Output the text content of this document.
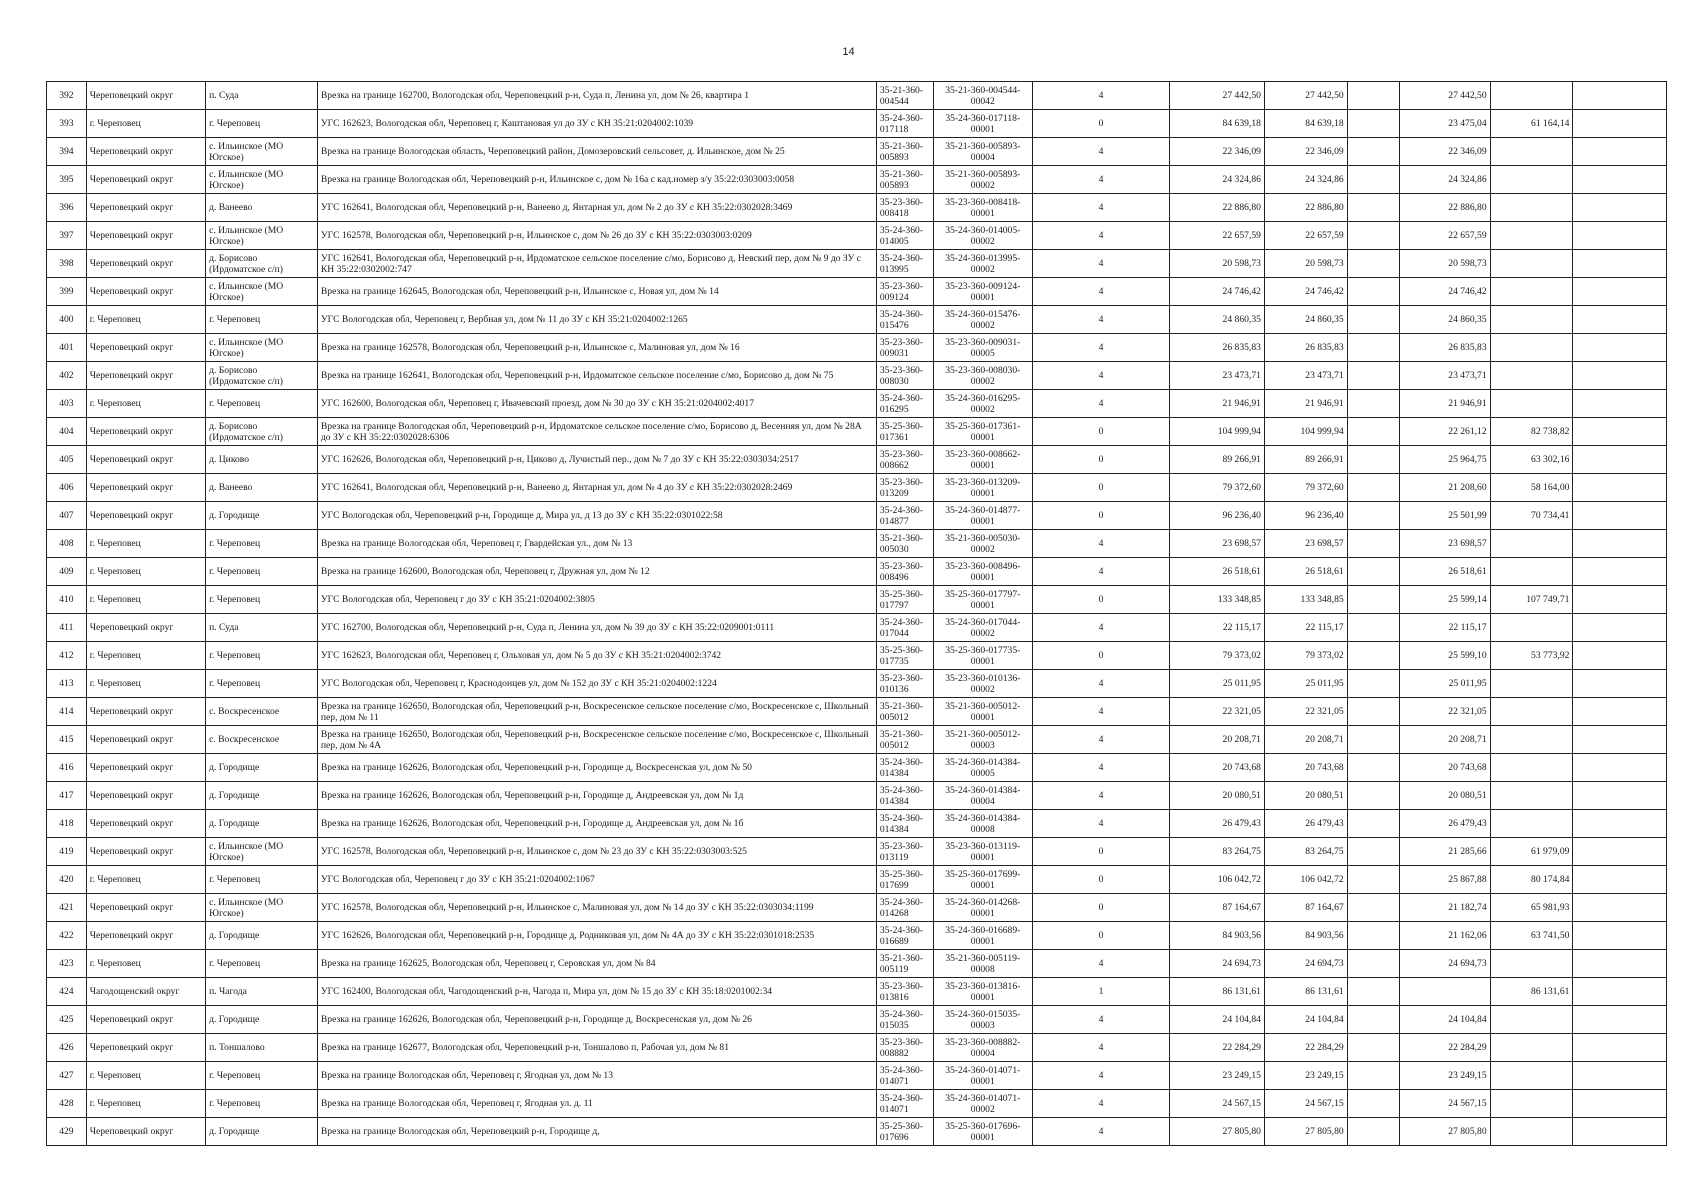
14
392	Череповецкий округ	п. Суда	Врезка на границе 162700, Вологодская обл, Череповецкий р-н, Суда п, Ленина ул, дом № 26, квартира 1	35-21-360-004544	35-21-360-004544-00042	4	27 442,50	27 442,50		27 442,50		
393	г. Череповец	г. Череповец	УГС 162623, Вологодская обл, Череповец г, Каштановая ул до ЗУ с КН 35:21:0204002:1039	35-24-360-017118	35-24-360-017118-00001	0	84 639,18	84 639,18		23 475,04	61 164,14	
394	Череповецкий округ	с. Ильинское (МО Югское)	Врезка на границе Вологодская область, Череповецкий район, Домозеровский сельсовет, д. Ильинское, дом № 25	35-21-360-005893	35-21-360-005893-00004	4	22 346,09	22 346,09		22 346,09		
395	Череповецкий округ	с. Ильинское (МО Югское)	Врезка на границе Вологодская обл, Череповецкий р-н, Ильинское с, дом № 16а с кад.номер з/у 35:22:0303003:0058	35-21-360-005893	35-21-360-005893-00002	4	24 324,86	24 324,86		24 324,86		
396	Череповецкий округ	д. Ванеево	УГС 162641, Вологодская обл, Череповецкий р-н, Ванеево д, Янтарная ул, дом № 2 до ЗУ с КН 35:22:0302028:3469	35-23-360-008418	35-23-360-008418-00001	4	22 886,80	22 886,80		22 886,80		
397	Череповецкий округ	с. Ильинское (МО Югское)	УГС 162578, Вологодская обл, Череповецкий р-н, Ильинское с, дом № 26 до ЗУ с КН 35:22:0303003:0209	35-24-360-014005	35-24-360-014005-00002	4	22 657,59	22 657,59		22 657,59		
398	Череповецкий округ	д. Борисово (Ирдоматское с/п)	УГС 162641, Вологодская обл, Череповецкий р-н, Ирдоматское сельское поселение с/мо, Борисово д, Невский пер, дом № 9 до ЗУ с КН 35:22:0302002:747	35-24-360-013995	35-24-360-013995-00002	4	20 598,73	20 598,73		20 598,73		
399	Череповецкий округ	с. Ильинское (МО Югское)	Врезка на границе 162645, Вологодская обл, Череповецкий р-н, Ильинское с, Новая ул, дом № 14	35-23-360-009124	35-23-360-009124-00001	4	24 746,42	24 746,42		24 746,42		
400	г. Череповец	г. Череповец	УГС Вологодская обл, Череповец г, Вербная ул, дом № 11 до ЗУ с КН 35:21:0204002:1265	35-24-360-015476	35-24-360-015476-00002	4	24 860,35	24 860,35		24 860,35		
401	Череповецкий округ	с. Ильинское (МО Югское)	Врезка на границе 162578, Вологодская обл, Череповецкий р-н, Ильинское с, Малиновая ул, дом № 16	35-23-360-009031	35-23-360-009031-00005	4	26 835,83	26 835,83		26 835,83		
402	Череповецкий округ	д. Борисово (Ирдоматское с/п)	Врезка на границе 162641, Вологодская обл, Череповецкий р-н, Ирдоматское сельское поселение с/мо, Борисово д, дом № 75	35-23-360-008030	35-23-360-008030-00002	4	23 473,71	23 473,71		23 473,71		
403	г. Череповец	г. Череповец	УГС 162600, Вологодская обл, Череповец г, Ивачевский проезд, дом № 30 до ЗУ с КН 35:21:0204002:4017	35-24-360-016295	35-24-360-016295-00002	4	21 946,91	21 946,91		21 946,91		
404	Череповецкий округ	д. Борисово (Ирдоматское с/п)	Врезка на границе Вологодская обл, Череповецкий р-н, Ирдоматское сельское поселение с/мо, Борисово д, Весенняя ул, дом № 28А до ЗУ с КН 35:22:0302028:6306	35-25-360-017361	35-25-360-017361-00001	0	104 999,94	104 999,94		22 261,12	82 738,82	
405	Череповецкий округ	д. Циково	УГС 162626, Вологодская обл, Череповецкий р-н, Циково д, Лучистый пер., дом № 7 до ЗУ с КН 35:22:0303034:2517	35-23-360-008662	35-23-360-008662-00001	0	89 266,91	89 266,91		25 964,75	63 302,16	
406	Череповецкий округ	д. Ванеево	УГС 162641, Вологодская обл, Череповецкий р-н, Ванеево д, Янтарная ул, дом № 4 до ЗУ с КН 35:22:0302028:2469	35-23-360-013209	35-23-360-013209-00001	0	79 372,60	79 372,60		21 208,60	58 164,00	
407	Череповецкий округ	д. Городище	УГС Вологодская обл, Череповецкий р-н, Городище д, Мира ул, д 13 до ЗУ с КН 35:22:0301022:58	35-24-360-014877	35-24-360-014877-00001	0	96 236,40	96 236,40		25 501,99	70 734,41	
408	г. Череповец	г. Череповец	Врезка на границе Вологодская обл, Череповец г, Гвардейская ул., дом № 13	35-21-360-005030	35-21-360-005030-00002	4	23 698,57	23 698,57		23 698,57		
409	г. Череповец	г. Череповец	Врезка на границе 162600, Вологодская обл, Череповец г, Дружная ул, дом № 12	35-23-360-008496	35-23-360-008496-00001	4	26 518,61	26 518,61		26 518,61		
410	г. Череповец	г. Череповец	УГС Вологодская обл, Череповец г до ЗУ с КН 35:21:0204002:3805	35-25-360-017797	35-25-360-017797-00001	0	133 348,85	133 348,85		25 599,14	107 749,71	
411	Череповецкий округ	п. Суда	УГС 162700, Вологодская обл, Череповецкий р-н, Суда п, Ленина ул, дом № 39 до ЗУ с КН 35:22:0209001:0111	35-24-360-017044	35-24-360-017044-00002	4	22 115,17	22 115,17		22 115,17		
412	г. Череповец	г. Череповец	УГС 162623, Вологодская обл, Череповец г, Ольховая ул, дом № 5 до ЗУ с КН 35:21:0204002:3742	35-25-360-017735	35-25-360-017735-00001	0	79 373,02	79 373,02		25 599,10	53 773,92	
413	г. Череповец	г. Череповец	УГС Вологодская обл, Череповец г, Краснодонцев ул, дом № 152 до ЗУ с КН 35:21:0204002:1224	35-23-360-010136	35-23-360-010136-00002	4	25 011,95	25 011,95		25 011,95		
414	Череповецкий округ	с. Воскресенское	Врезка на границе 162650, Вологодская обл, Череповецкий р-н, Воскресенское сельское поселение с/мо, Воскресенское с, Школьный пер, дом № 11	35-21-360-005012	35-21-360-005012-00001	4	22 321,05	22 321,05		22 321,05		
415	Череповецкий округ	с. Воскресенское	Врезка на границе 162650, Вологодская обл, Череповецкий р-н, Воскресенское сельское поселение с/мо, Воскресенское с, Школьный пер, дом № 4А	35-21-360-005012	35-21-360-005012-00003	4	20 208,71	20 208,71		20 208,71		
416	Череповецкий округ	д. Городище	Врезка на границе 162626, Вологодская обл, Череповецкий р-н, Городище д, Воскресенская ул, дом № 50	35-24-360-014384	35-24-360-014384-00005	4	20 743,68	20 743,68		20 743,68		
417	Череповецкий округ	д. Городище	Врезка на границе 162626, Вологодская обл, Череповецкий р-н, Городище д, Андреевская ул, дом № 1д	35-24-360-014384	35-24-360-014384-00004	4	20 080,51	20 080,51		20 080,51		
418	Череповецкий округ	д. Городище	Врезка на границе 162626, Вологодская обл, Череповецкий р-н, Городище д, Андреевская ул, дом № 1б	35-24-360-014384	35-24-360-014384-00008	4	26 479,43	26 479,43		26 479,43		
419	Череповецкий округ	с. Ильинское (МО Югское)	УГС 162578, Вологодская обл, Череповецкий р-н, Ильинское с, дом № 23 до ЗУ с КН 35:22:0303003:525	35-23-360-013119	35-23-360-013119-00001	0	83 264,75	83 264,75		21 285,66	61 979,09	
420	г. Череповец	г. Череповец	УГС Вологодская обл, Череповец г до ЗУ с КН 35:21:0204002:1067	35-25-360-017699	35-25-360-017699-00001	0	106 042,72	106 042,72		25 867,88	80 174,84	
421	Череповецкий округ	с. Ильинское (МО Югское)	УГС 162578, Вологодская обл, Череповецкий р-н, Ильинское с, Малиновая ул, дом № 14 до ЗУ с КН 35:22:0303034:1199	35-24-360-014268	35-24-360-014268-00001	0	87 164,67	87 164,67		21 182,74	65 981,93	
422	Череповецкий округ	д. Городище	УГС 162626, Вологодская обл, Череповецкий р-н, Городище д, Родниковая ул, дом № 4А до ЗУ с КН 35:22:0301018:2535	35-24-360-016689	35-24-360-016689-00001	0	84 903,56	84 903,56		21 162,06	63 741,50	
423	г. Череповец	г. Череповец	Врезка на границе 162625, Вологодская обл, Череповец г, Серовская ул, дом № 84	35-21-360-005119	35-21-360-005119-00008	4	24 694,73	24 694,73		24 694,73		
424	Чагодощенский округ	п. Чагода	УГС 162400, Вологодская обл, Чагодощенский р-н, Чагода п, Мира ул, дом № 15 до ЗУ с КН 35:18:0201002:34	35-23-360-013816	35-23-360-013816-00001	1	86 131,61	86 131,61			86 131,61	
425	Череповецкий округ	д. Городище	Врезка на границе 162626, Вологодская обл, Череповецкий р-н, Городище д, Воскресенская ул, дом № 26	35-24-360-015035	35-24-360-015035-00003	4	24 104,84	24 104,84		24 104,84		
426	Череповецкий округ	п. Тоншалово	Врезка на границе 162677, Вологодская обл, Череповецкий р-н, Тоншалово п, Рабочая ул, дом № 81	35-23-360-008882	35-23-360-008882-00004	4	22 284,29	22 284,29		22 284,29		
427	г. Череповец	г. Череповец	Врезка на границе Вологодская обл, Череповец г, Ягодная ул, дом № 13	35-24-360-014071	35-24-360-014071-00001	4	23 249,15	23 249,15		23 249,15		
428	г. Череповец	г. Череповец	Врезка на границе Вологодская обл, Череповец г, Ягодная ул. д. 11	35-24-360-014071	35-24-360-014071-00002	4	24 567,15	24 567,15		24 567,15		
429	Череповецкий округ	д. Городище	Врезка на границе Вологодская обл, Череповецкий р-н, Городище д,	35-25-360-017696	35-25-360-017696-00001	4	27 805,80	27 805,80		27 805,80		
